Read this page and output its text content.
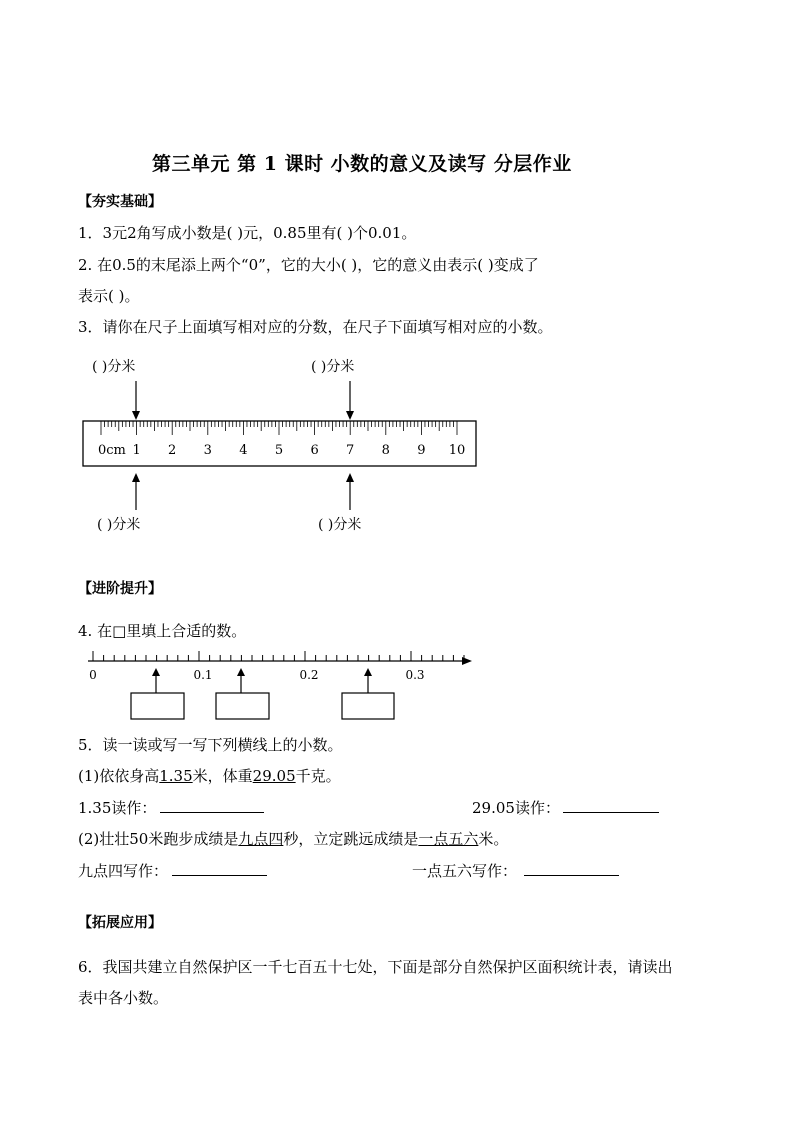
第三单元 第 1 课时 小数的意义及读写 分层作业
【夯实基础】
1．3元2角写成小数是( )元，0.85里有( )个0.01。
2. 在0.5的末尾添上两个“0”，它的大小( )，它的意义由表示( )变成了
表示( )。
3．请你在尺子上面填写相对应的分数，在尺子下面填写相对应的小数。
( )分米	( )分米
( )分米	( )分米
0cm 1 2 3 4 5 6 7 8 9 10
【进阶提升】
4. 在□里填上合适的数。
0	0.1	0.2	0.3
5．读一读或写一写下列横线上的小数。
(1)依依身高1.35米，体重29.05千克。
1.35读作：	29.05读作：
(2)壮壮50米跑步成绩是九点四秒，立定跳远成绩是一点五六米。
九点四写作：	一点五六写作：
【拓展应用】
6．我国共建立自然保护区一千七百五十七处，下面是部分自然保护区面积统计表，请读出
表中各小数。
